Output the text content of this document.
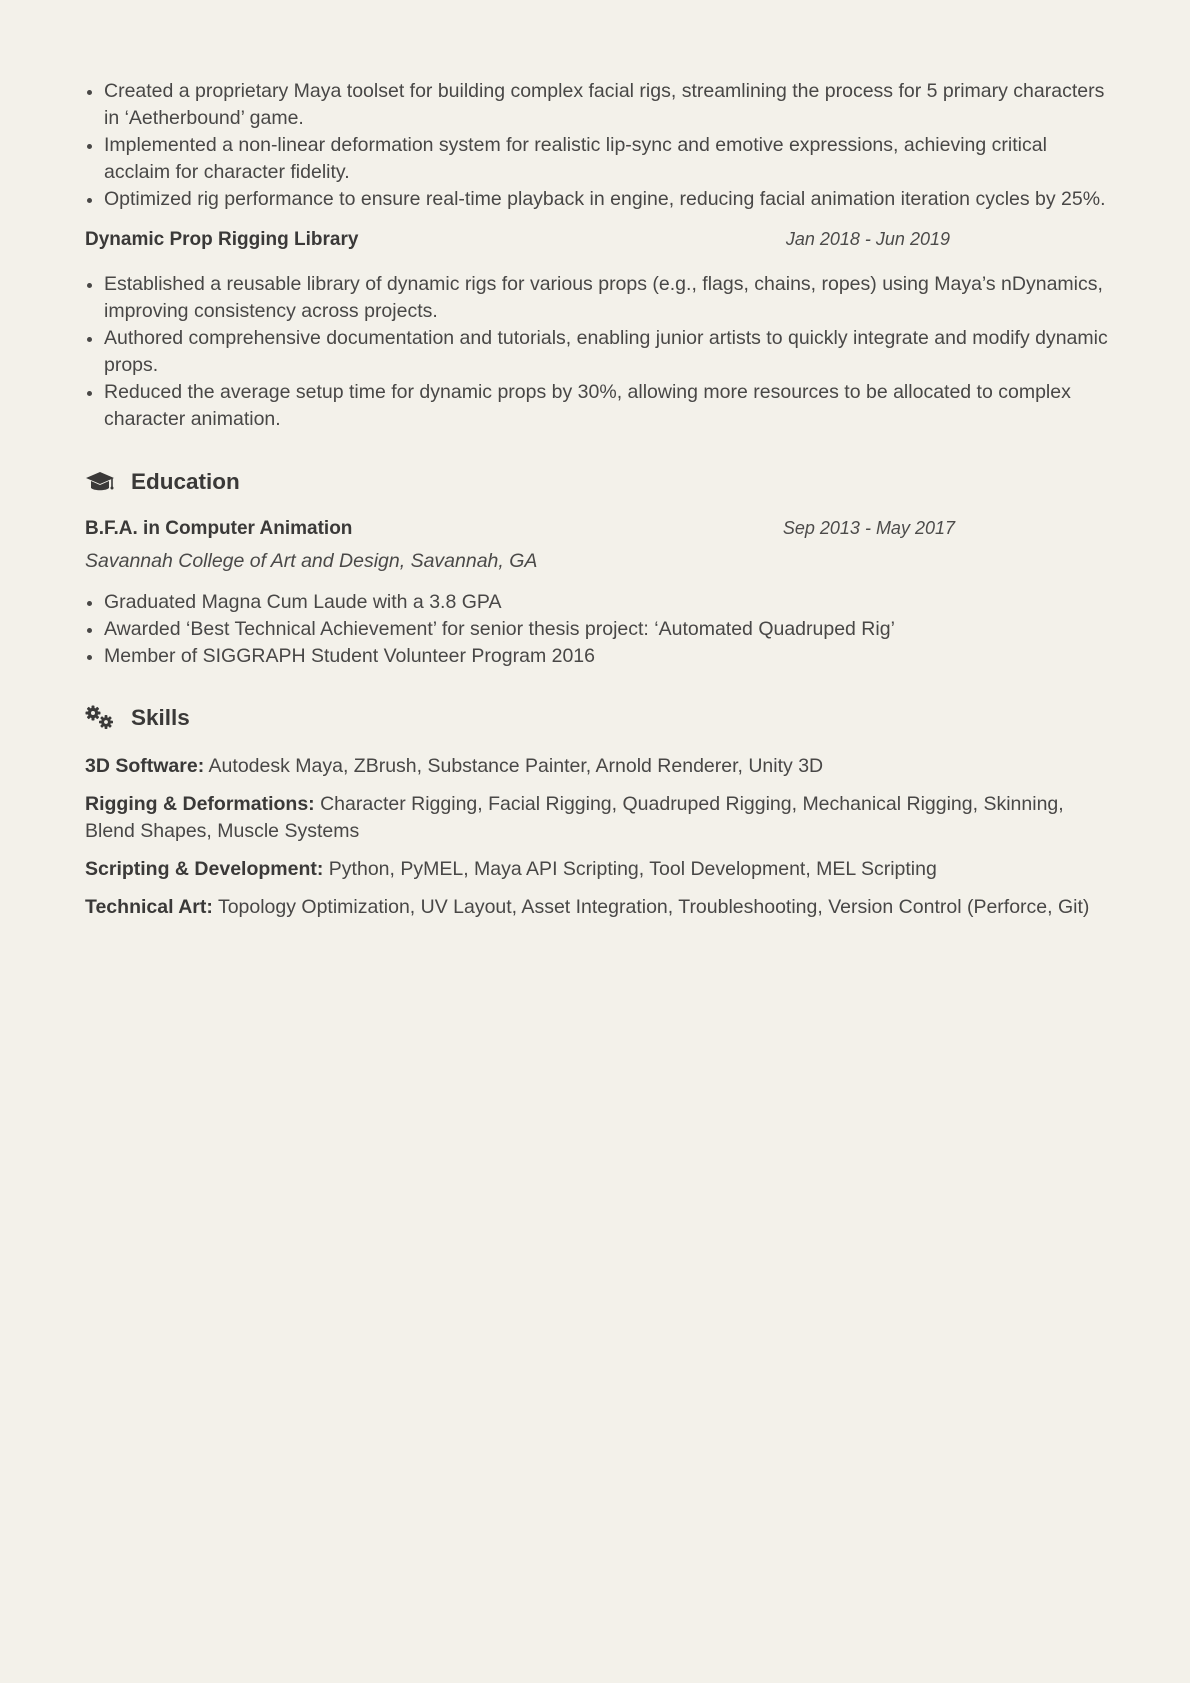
Created a proprietary Maya toolset for building complex facial rigs, streamlining the process for 5 primary characters in ‘Aetherbound’ game.
Implemented a non-linear deformation system for realistic lip-sync and emotive expressions, achieving critical acclaim for character fidelity.
Optimized rig performance to ensure real-time playback in engine, reducing facial animation iteration cycles by 25%.
Dynamic Prop Rigging Library	Jan 2018 - Jun 2019
Established a reusable library of dynamic rigs for various props (e.g., flags, chains, ropes) using Maya’s nDynamics, improving consistency across projects.
Authored comprehensive documentation and tutorials, enabling junior artists to quickly integrate and modify dynamic props.
Reduced the average setup time for dynamic props by 30%, allowing more resources to be allocated to complex character animation.
Education
B.F.A. in Computer Animation	Sep 2013 - May 2017
Savannah College of Art and Design, Savannah, GA
Graduated Magna Cum Laude with a 3.8 GPA
Awarded ‘Best Technical Achievement’ for senior thesis project: ‘Automated Quadruped Rig’
Member of SIGGRAPH Student Volunteer Program 2016
Skills
3D Software: Autodesk Maya, ZBrush, Substance Painter, Arnold Renderer, Unity 3D
Rigging & Deformations: Character Rigging, Facial Rigging, Quadruped Rigging, Mechanical Rigging, Skinning, Blend Shapes, Muscle Systems
Scripting & Development: Python, PyMEL, Maya API Scripting, Tool Development, MEL Scripting
Technical Art: Topology Optimization, UV Layout, Asset Integration, Troubleshooting, Version Control (Perforce, Git)
